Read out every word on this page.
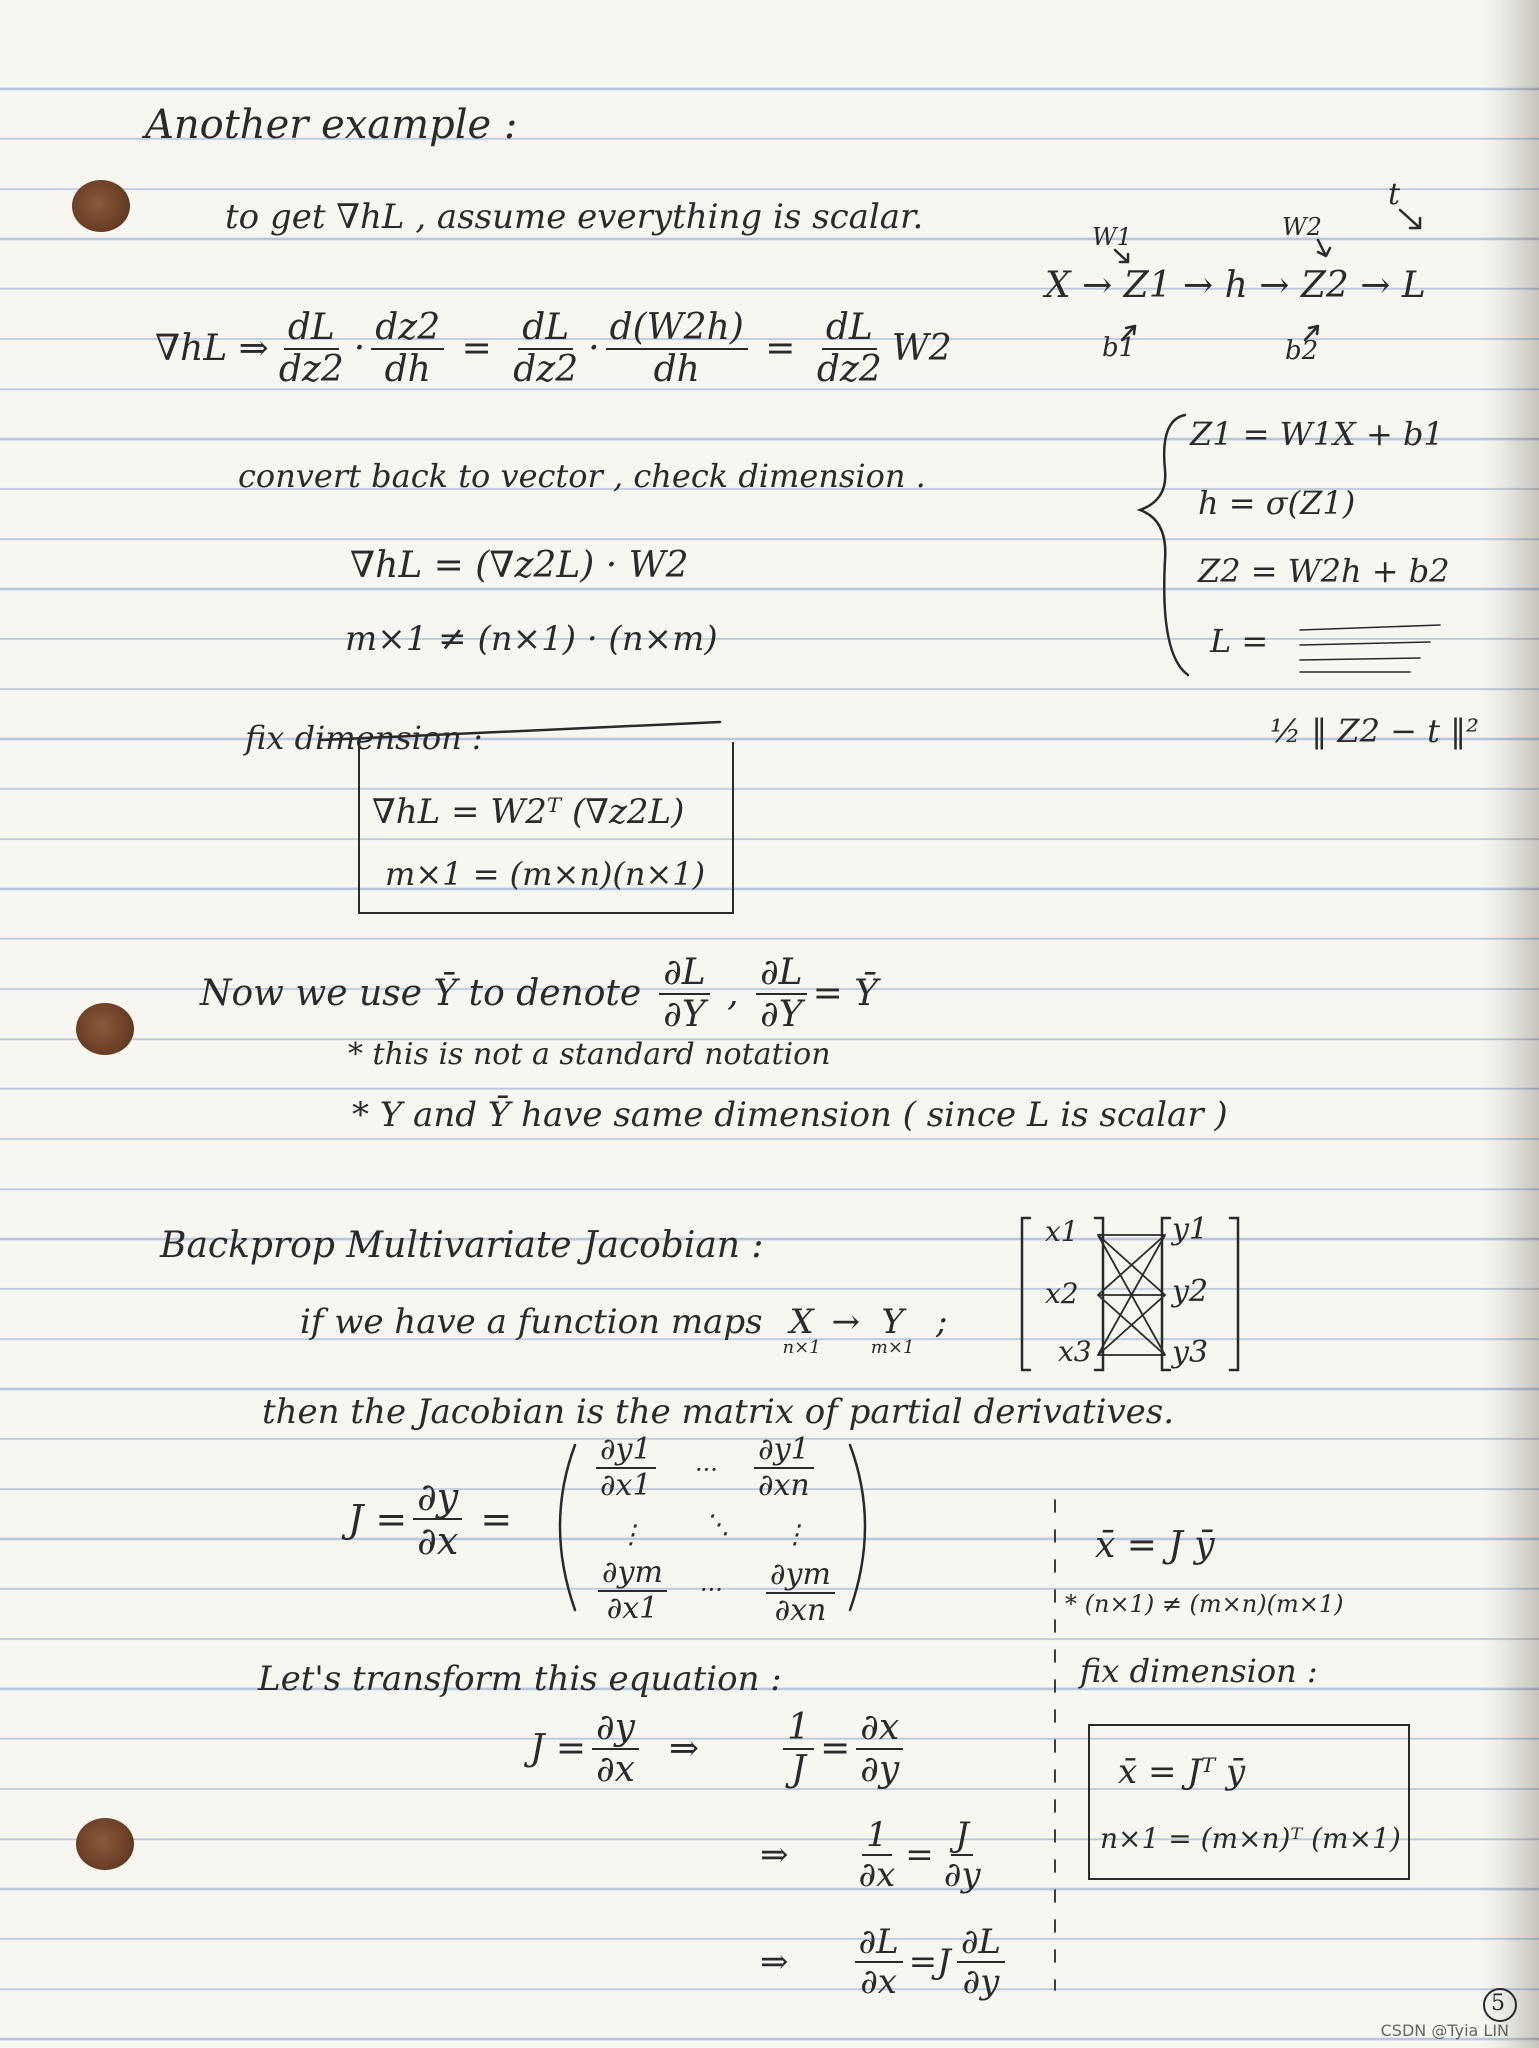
Another example :
to get ∇hL , assume everything is scalar.
∇hL ⇒ $\frac{dL}{dz2} \cdot \frac{dz2}{dh} = \frac{dL}{dz2} \cdot \frac{d(W2h)}{dh} = \frac{dL}{dz2} W2$
convert back to vector , check dimension .
∇hL = (∇z2L) · W2
m×1 ≠ (n×1) · (n×m)
fix dimension :
∇hL = W2ᵀ (∇z2L)
m×1 = (m×n)(n×1)
W1	W2
t
X → Z1 → h → Z2 → L
b1	b2
Z1 = W1X + b1
h = σ(Z1)
Z2 = W2h + b2
L =
½ ‖ Z2 − t ‖²
Now we use Ȳ to denote $\frac{\partial L}{\partial Y}$ , $\frac{\partial L}{\partial Y}$ = Ȳ
* this is not a standard notation
* Y and Ȳ have same dimension ( since L is scalar )
Backprop Multivariate Jacobian :
if we have a function maps X
n×1
→ Y
m×1
;
x1
x2
x3
y1
y2
y3
then the Jacobian is the matrix of partial derivatives.
$J = \frac{\partial y}{\partial x}$ =
$\frac{\partial y1}{\partial x1}$ ··· $\frac{\partial y1}{\partial xn}$
⋮ ⋱ ⋮
$\frac{\partial ym}{\partial x1}$ ··· $\frac{\partial ym}{\partial xn}$
Let's transform this equation :
$J = \frac{\partial y}{\partial x}$ ⇒ $\frac{1}{J} = \frac{\partial x}{\partial y}$
⇒ $\frac{1}{\partial x} = \frac{J}{\partial y}$
⇒ $\frac{\partial L}{\partial x} = J \frac{\partial L}{\partial y}$
x̄ = J ȳ
* (n×1) ≠ (m×n)(m×1)
fix dimension :
x̄ = Jᵀ ȳ
n×1 = (m×n)ᵀ (m×1)
5
CSDN @Tyia LIN
